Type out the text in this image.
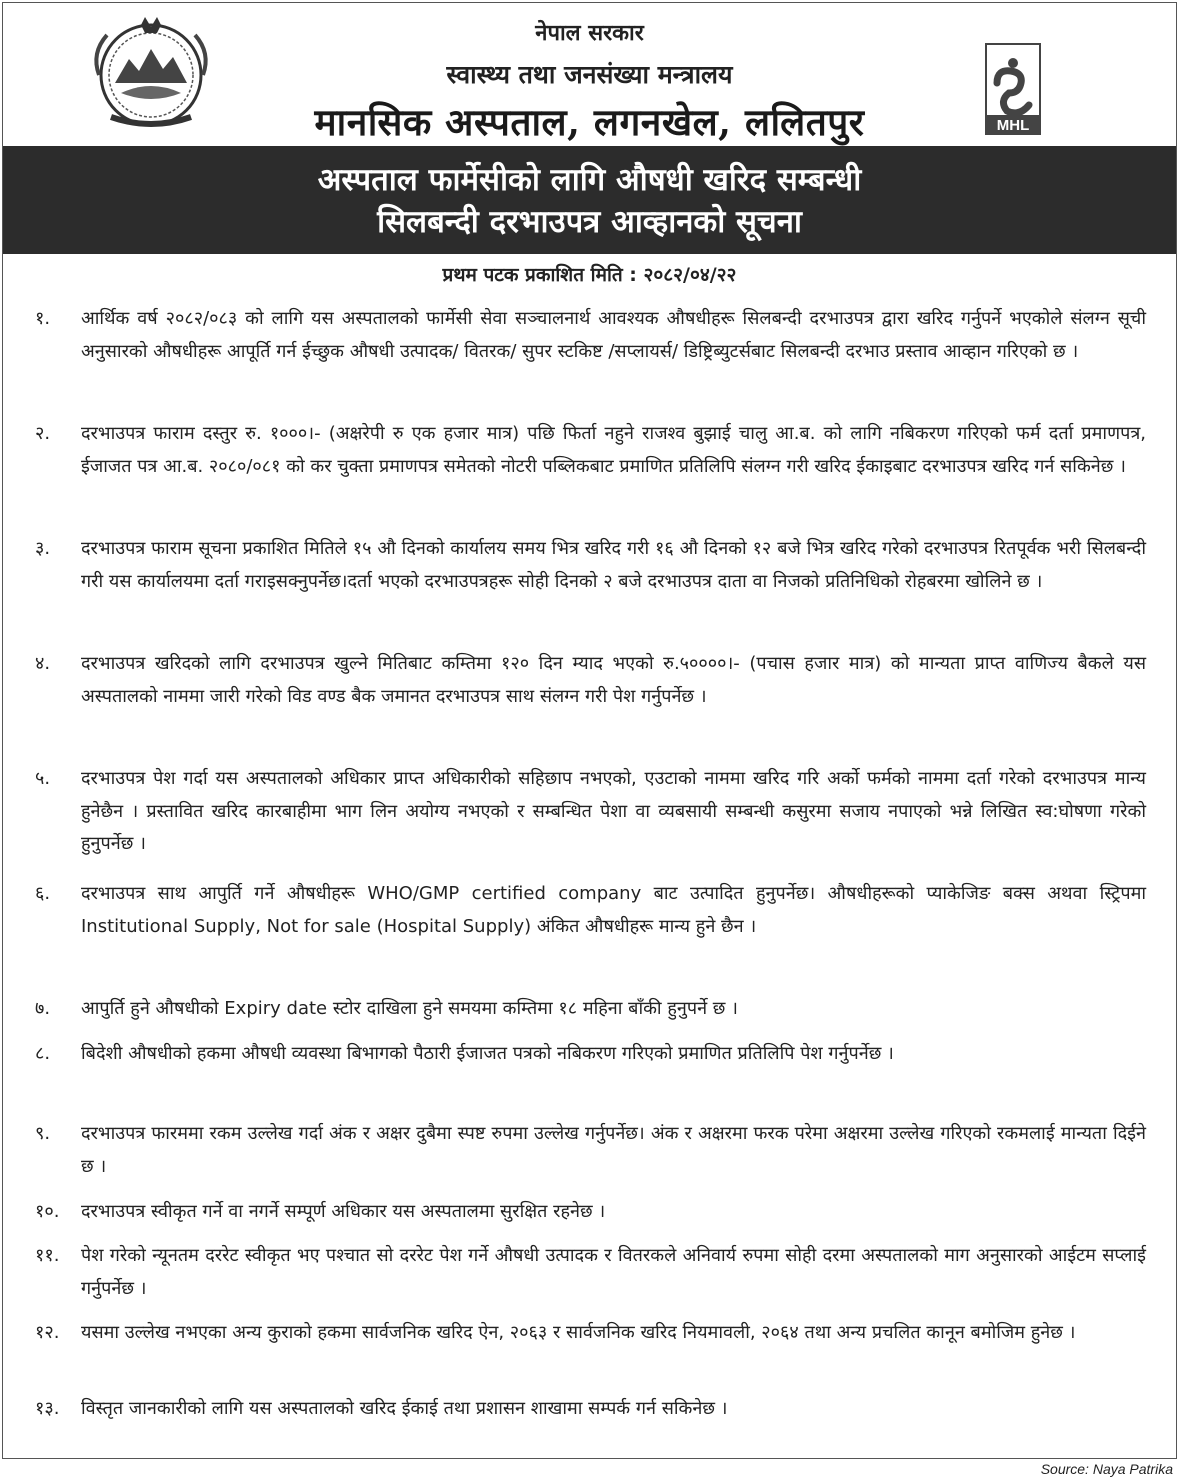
नेपाल सरकार
स्वास्थ्य तथा जनसंख्या मन्त्रालय
मानसिक अस्पताल, लगनखेल, ललितपुर	MHL
अस्पताल फार्मेसीको लागि औषधी खरिद सम्बन्धी
सिलबन्दी दरभाउपत्र आव्हानको सूचना
प्रथम पटक प्रकाशित मिति : २०८२/०४/२२
१. आर्थिक वर्ष २०८२/०८३ को लागि यस अस्पतालको फार्मेसी सेवा सञ्चालनार्थ आवश्यक औषधीहरू सिलबन्दी दरभाउपत्र द्वारा खरिद गर्नुपर्ने भएकोले संलग्न सूची अनुसारको औषधीहरू आपूर्ति गर्न ईच्छुक औषधी उत्पादक/ वितरक/ सुपर स्टकिष्ट /सप्लायर्स/ डिष्ट्रिब्युटर्सबाट सिलबन्दी दरभाउ प्रस्ताव आव्हान गरिएको छ ।
२. दरभाउपत्र फाराम दस्तुर रु. १०००।- (अक्षरेपी रु एक हजार मात्र) पछि फिर्ता नहुने राजश्व बुझाई चालु आ.ब. को लागि नबिकरण गरिएको फर्म दर्ता प्रमाणपत्र, ईजाजत पत्र आ.ब. २०८०/०८१ को कर चुक्ता प्रमाणपत्र समेतको नोटरी पब्लिकबाट प्रमाणित प्रतिलिपि संलग्न गरी खरिद ईकाइबाट दरभाउपत्र खरिद गर्न सकिनेछ ।
३. दरभाउपत्र फाराम सूचना प्रकाशित मितिले १५ औ दिनको कार्यालय समय भित्र खरिद गरी १६ औ दिनको १२ बजे भित्र खरिद गरेको दरभाउपत्र रितपूर्वक भरी सिलबन्दी गरी यस कार्यालयमा दर्ता गराइसक्नुपर्नेछ।दर्ता भएको दरभाउपत्रहरू सोही दिनको २ बजे दरभाउपत्र दाता वा निजको प्रतिनिधिको रोहबरमा खोलिने छ ।
४. दरभाउपत्र खरिदको लागि दरभाउपत्र खुल्ने मितिबाट कम्तिमा १२० दिन म्याद भएको रु.५००००।- (पचास हजार मात्र) को मान्यता प्राप्त वाणिज्य बैकले यस अस्पतालको नाममा जारी गरेको विड वण्ड बैक जमानत दरभाउपत्र साथ संलग्न गरी पेश गर्नुपर्नेछ ।
५. दरभाउपत्र पेश गर्दा यस अस्पतालको अधिकार प्राप्त अधिकारीको सहिछाप नभएको, एउटाको नाममा खरिद गरि अर्को फर्मको नाममा दर्ता गरेको दरभाउपत्र मान्य हुनेछैन । प्रस्तावित खरिद कारबाहीमा भाग लिन अयोग्य नभएको र सम्बन्धित पेशा वा व्यबसायी सम्बन्धी कसुरमा सजाय नपाएको भन्ने लिखित स्व:घोषणा गरेको हुनुपर्नेछ ।
६. दरभाउपत्र साथ आपुर्ति गर्ने औषधीहरू WHO/GMP certified company बाट उत्पादित हुनुपर्नेछ। औषधीहरूको प्याकेजिङ बक्स अथवा स्ट्रिपमा Institutional Supply, Not for sale (Hospital Supply) अंकित औषधीहरू मान्य हुने छैन ।
७. आपुर्ति हुने औषधीको Expiry date स्टोर दाखिला हुने समयमा कम्तिमा १८ महिना बाँकी हुनुपर्ने छ ।
८. बिदेशी औषधीको हकमा औषधी व्यवस्था बिभागको पैठारी ईजाजत पत्रको नबिकरण गरिएको प्रमाणित प्रतिलिपि पेश गर्नुपर्नेछ ।
९. दरभाउपत्र फारममा रकम उल्लेख गर्दा अंक र अक्षर दुबैमा स्पष्ट रुपमा उल्लेख गर्नुपर्नेछ। अंक र अक्षरमा फरक परेमा अक्षरमा उल्लेख गरिएको रकमलाई मान्यता दिईने छ ।
१०. दरभाउपत्र स्वीकृत गर्ने वा नगर्ने सम्पूर्ण अधिकार यस अस्पतालमा सुरक्षित रहनेछ ।
११. पेश गरेको न्यूनतम दररेट स्वीकृत भए पश्चात सो दररेट पेश गर्ने औषधी उत्पादक र वितरकले अनिवार्य रुपमा सोही दरमा अस्पतालको माग अनुसारको आईटम सप्लाई गर्नुपर्नेछ ।
१२. यसमा उल्लेख नभएका अन्य कुराको हकमा सार्वजनिक खरिद ऐन, २०६३ र सार्वजनिक खरिद नियमावली, २०६४ तथा अन्य प्रचलित कानून बमोजिम हुनेछ ।
१३. विस्तृत जानकारीको लागि यस अस्पतालको खरिद ईकाई तथा प्रशासन शाखामा सम्पर्क गर्न सकिनेछ ।
Source: Naya Patrika
